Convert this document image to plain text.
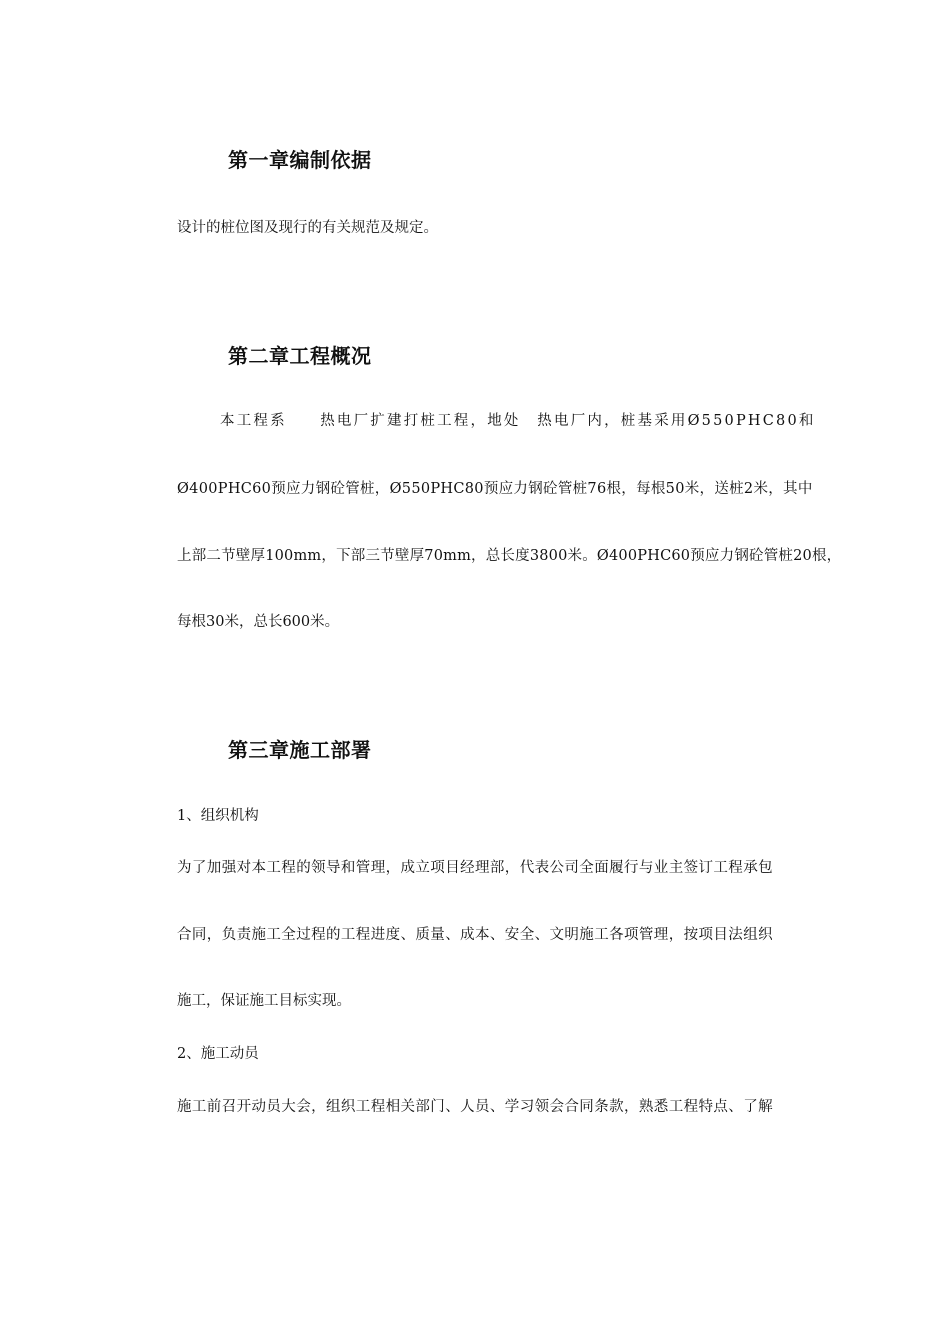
第一章编制依据
设计的桩位图及现行的有关规范及规定。
第二章工程概况
本工程系　　热电厂扩建打桩工程，地处　热电厂内，桩基采用Ø550PHC80和
Ø400PHC60预应力钢砼管桩，Ø550PHC80预应力钢砼管桩76根，每根50米，送桩2米，其中
上部二节壁厚100mm，下部三节壁厚70mm，总长度3800米。Ø400PHC60预应力钢砼管桩20根，
每根30米，总长600米。
第三章施工部署
1、组织机构
为了加强对本工程的领导和管理，成立项目经理部，代表公司全面履行与业主签订工程承包
合同，负责施工全过程的工程进度、质量、成本、安全、文明施工各项管理，按项目法组织
施工，保证施工目标实现。
2、施工动员
施工前召开动员大会，组织工程相关部门、人员、学习领会合同条款，熟悉工程特点、了解
